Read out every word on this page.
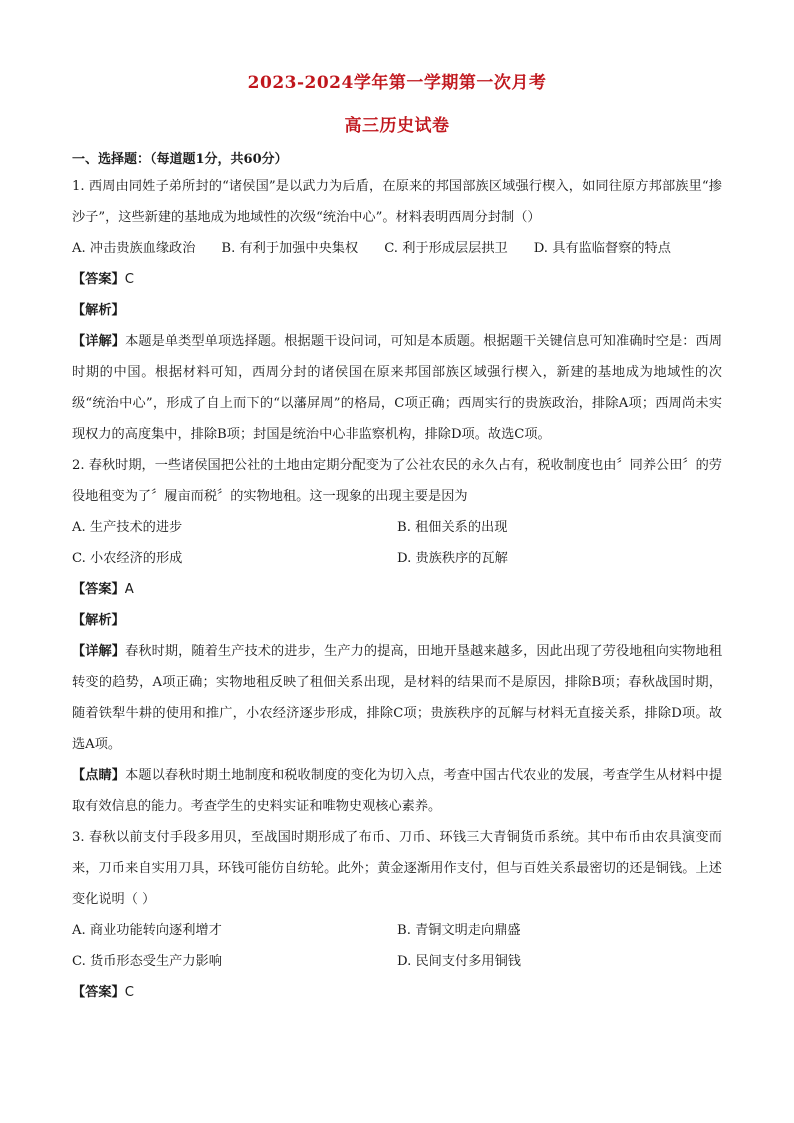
2023-2024学年第一学期第一次月考
高三历史试卷
一、选择题：（每道题1分，共60分）
1. 西周由同姓子弟所封的“诸侯国”是以武力为后盾，在原来的邦国部族区域强行楔入，如同往原方邦部族里“掺沙子”，这些新建的基地成为地域性的次级“统治中心”。材料表明西周分封制（）
A. 冲击贵族血缘政治 B. 有利于加强中央集权 C. 利于形成层层拱卫 D. 具有监临督察的特点
【答案】C
【解析】
【详解】本题是单类型单项选择题。根据题干设问词，可知是本质题。根据题干关键信息可知准确时空是：西周时期的中国。根据材料可知，西周分封的诸侯国在原来邦国部族区域强行楔入，新建的基地成为地域性的次级“统治中心”，形成了自上而下的“以藩屏周”的格局，C项正确；西周实行的贵族政治，排除A项；西周尚未实现权力的高度集中，排除B项；封国是统治中心非监察机构，排除D项。故选C项。
2. 春秋时期，一些诸侯国把公社的土地由定期分配变为了公社农民的永久占有，税收制度也由〞同养公田〞的劳役地租变为了〞履亩而税〞的实物地租。这一现象的出现主要是因为
A. 生产技术的进步	B. 租佃关系的出现
C. 小农经济的形成	D. 贵族秩序的瓦解
【答案】A
【解析】
【详解】春秋时期，随着生产技术的进步，生产力的提高，田地开垦越来越多，因此出现了劳役地租向实物地租转变的趋势，A项正确；实物地租反映了租佃关系出现，是材料的结果而不是原因，排除B项；春秋战国时期，随着铁犁牛耕的使用和推广，小农经济逐步形成，排除C项；贵族秩序的瓦解与材料无直接关系，排除D项。故选A项。
【点睛】本题以春秋时期土地制度和税收制度的变化为切入点，考查中国古代农业的发展，考查学生从材料中提取有效信息的能力。考查学生的史料实证和唯物史观核心素养。
3. 春秋以前支付手段多用贝，至战国时期形成了布币、刀币、环钱三大青铜货币系统。其中布币由农具演变而来，刀币来自实用刀具，环钱可能仿自纺轮。此外；黄金逐渐用作支付，但与百姓关系最密切的还是铜钱。上述变化说明（ ）
A. 商业功能转向逐利增才	B. 青铜文明走向鼎盛
C. 货币形态受生产力影响	D. 民间支付多用铜钱
【答案】C
